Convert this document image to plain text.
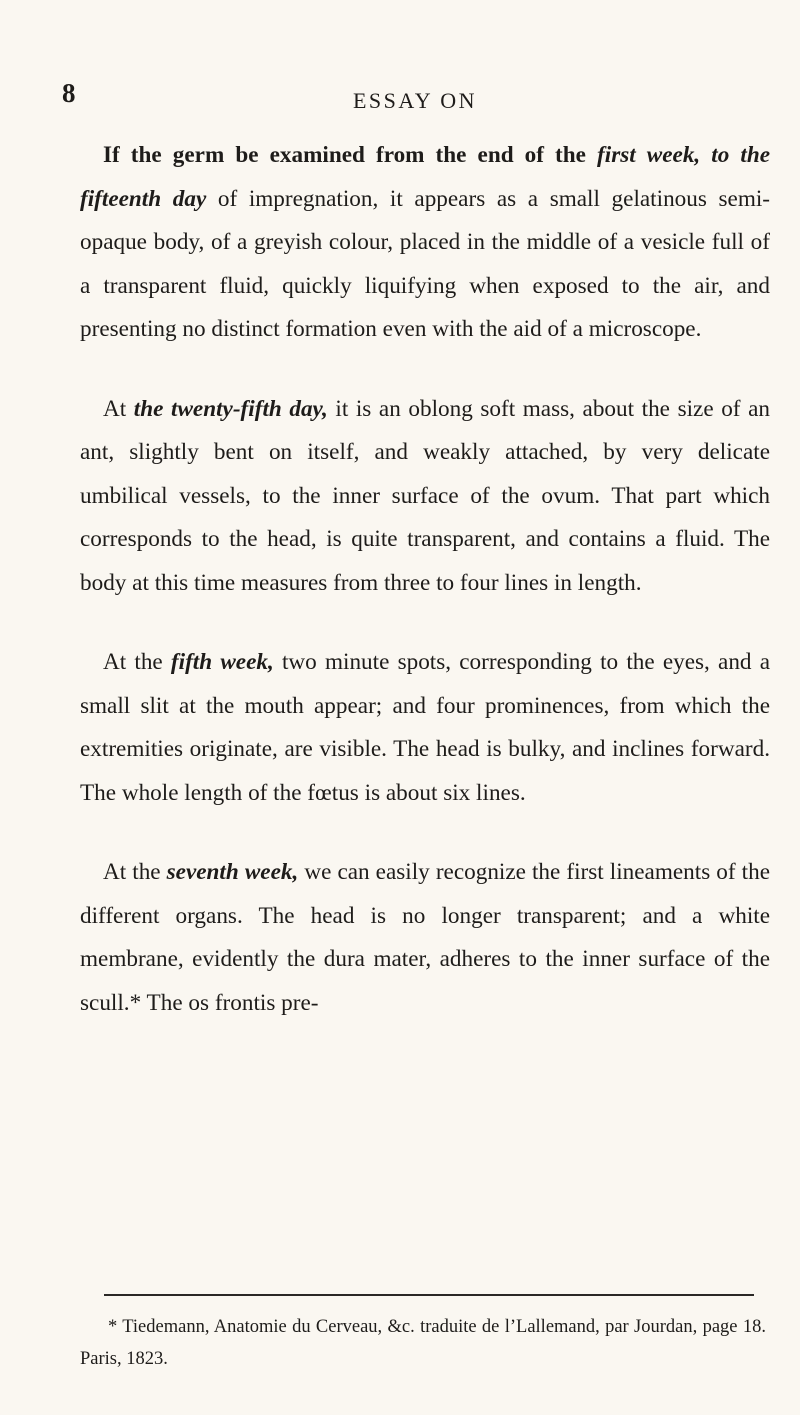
8	ESSAY ON

If the germ be examined from the end of the first week, to the fifteenth day of impregnation, it appears as a small gelatinous semi-opaque body, of a greyish colour, placed in the middle of a vesicle full of a transparent fluid, quickly liquifying when exposed to the air, and presenting no distinct formation even with the aid of a microscope.

At the twenty-fifth day, it is an oblong soft mass, about the size of an ant, slightly bent on itself, and weakly attached, by very delicate umbilical vessels, to the inner surface of the ovum. That part which corresponds to the head, is quite transparent, and contains a fluid. The body at this time measures from three to four lines in length.

At the fifth week, two minute spots, corresponding to the eyes, and a small slit at the mouth appear; and four prominences, from which the extremities originate, are visible. The head is bulky, and inclines forward. The whole length of the fœtus is about six lines.

At the seventh week, we can easily recognize the first lineaments of the different organs. The head is no longer transparent; and a white membrane, evidently the dura mater, adheres to the inner surface of the scull.* The os frontis pre-

* Tiedemann, Anatomie du Cerveau, &c. traduite de l’Lallemand, par Jourdan, page 18. Paris, 1823.
